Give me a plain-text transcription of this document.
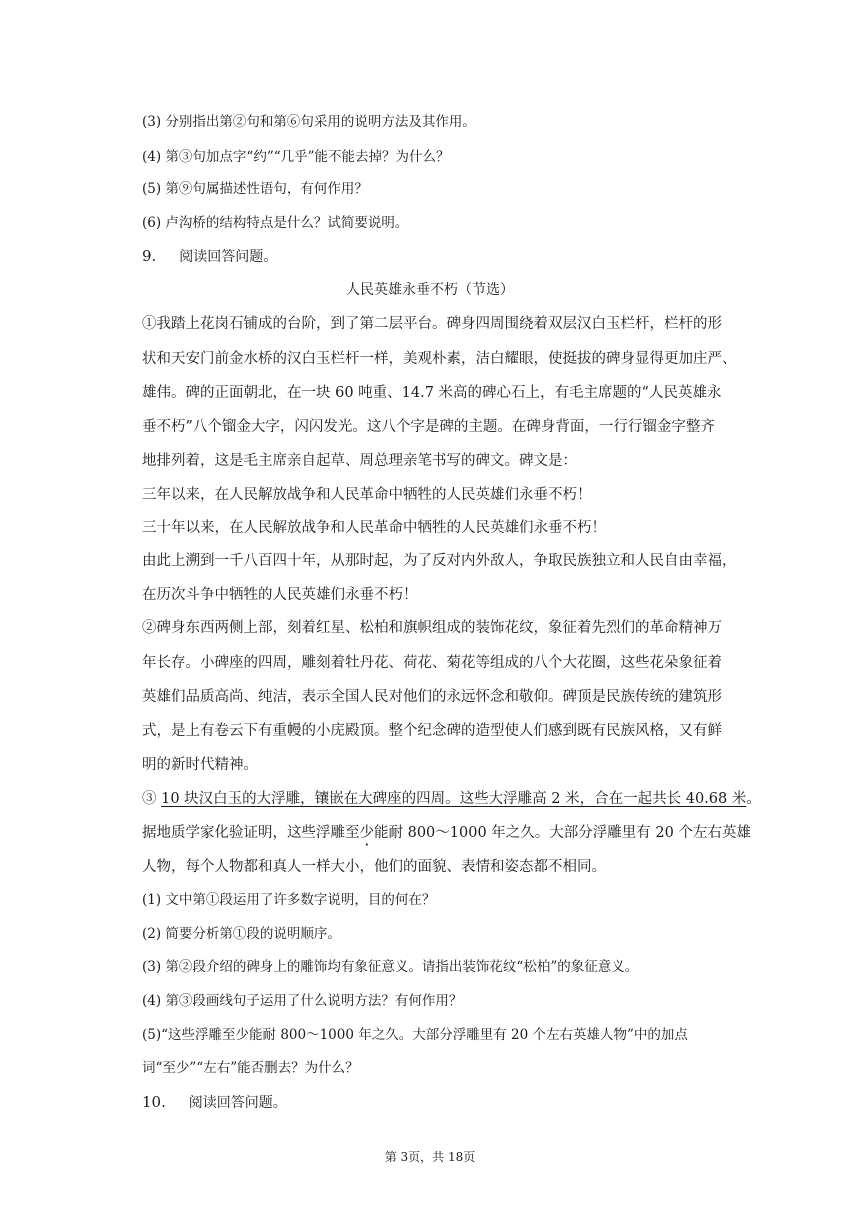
(3) 分别指出第②句和第⑥句采用的说明方法及其作用。
(4) 第③句加点字“约”“几乎”能不能去掉？为什么？
(5) 第⑨句属描述性语句，有何作用？
(6) 卢沟桥的结构特点是什么？试简要说明。
9. 阅读回答问题。
人民英雄永垂不朽（节选）
①我踏上花岗石铺成的台阶，到了第二层平台。碑身四周围绕着双层汉白玉栏杆，栏杆的形
状和天安门前金水桥的汉白玉栏杆一样，美观朴素，洁白耀眼，使挺拔的碑身显得更加庄严、
雄伟。碑的正面朝北，在一块 60 吨重、14.7 米高的碑心石上，有毛主席题的“人民英雄永
垂不朽”八个镏金大字，闪闪发光。这八个字是碑的主题。在碑身背面，一行行镏金字整齐
地排列着，这是毛主席亲自起草、周总理亲笔书写的碑文。碑文是：
三年以来，在人民解放战争和人民革命中牺牲的人民英雄们永垂不朽！
三十年以来，在人民解放战争和人民革命中牺牲的人民英雄们永垂不朽！
由此上溯到一千八百四十年，从那时起，为了反对内外敌人，争取民族独立和人民自由幸福，
在历次斗争中牺牲的人民英雄们永垂不朽！
②碑身东西两侧上部，刻着红星、松柏和旗帜组成的装饰花纹，象征着先烈们的革命精神万
年长存。小碑座的四周，雕刻着牡丹花、荷花、菊花等组成的八个大花圈，这些花朵象征着
英雄们品质高尚、纯洁，表示全国人民对他们的永远怀念和敬仰。碑顶是民族传统的建筑形
式，是上有卷云下有重幔的小庑殿顶。整个纪念碑的造型使人们感到既有民族风格，又有鲜
明的新时代精神。
③ 10 块汉白玉的大浮雕，镶嵌在大碑座的四周。这些大浮雕高 2 米，合在一起共长 40.68 米。
据地质学家化验证明，这些浮雕至少能耐 800～1000 年之久。大部分浮雕里有 20 个左右英雄
人物，每个人物都和真人一样大小，他们的面貌、表情和姿态都不相同。
(1) 文中第①段运用了许多数字说明，目的何在？
(2) 简要分析第①段的说明顺序。
(3) 第②段介绍的碑身上的雕饰均有象征意义。请指出装饰花纹“松柏”的象征意义。
(4) 第③段画线句子运用了什么说明方法？有何作用？
(5)“这些浮雕至少能耐 800～1000 年之久。大部分浮雕里有 20 个左右英雄人物”中的加点
词“至少”“左右”能否删去？为什么？
10. 阅读回答问题。
第 3页，共 18页
